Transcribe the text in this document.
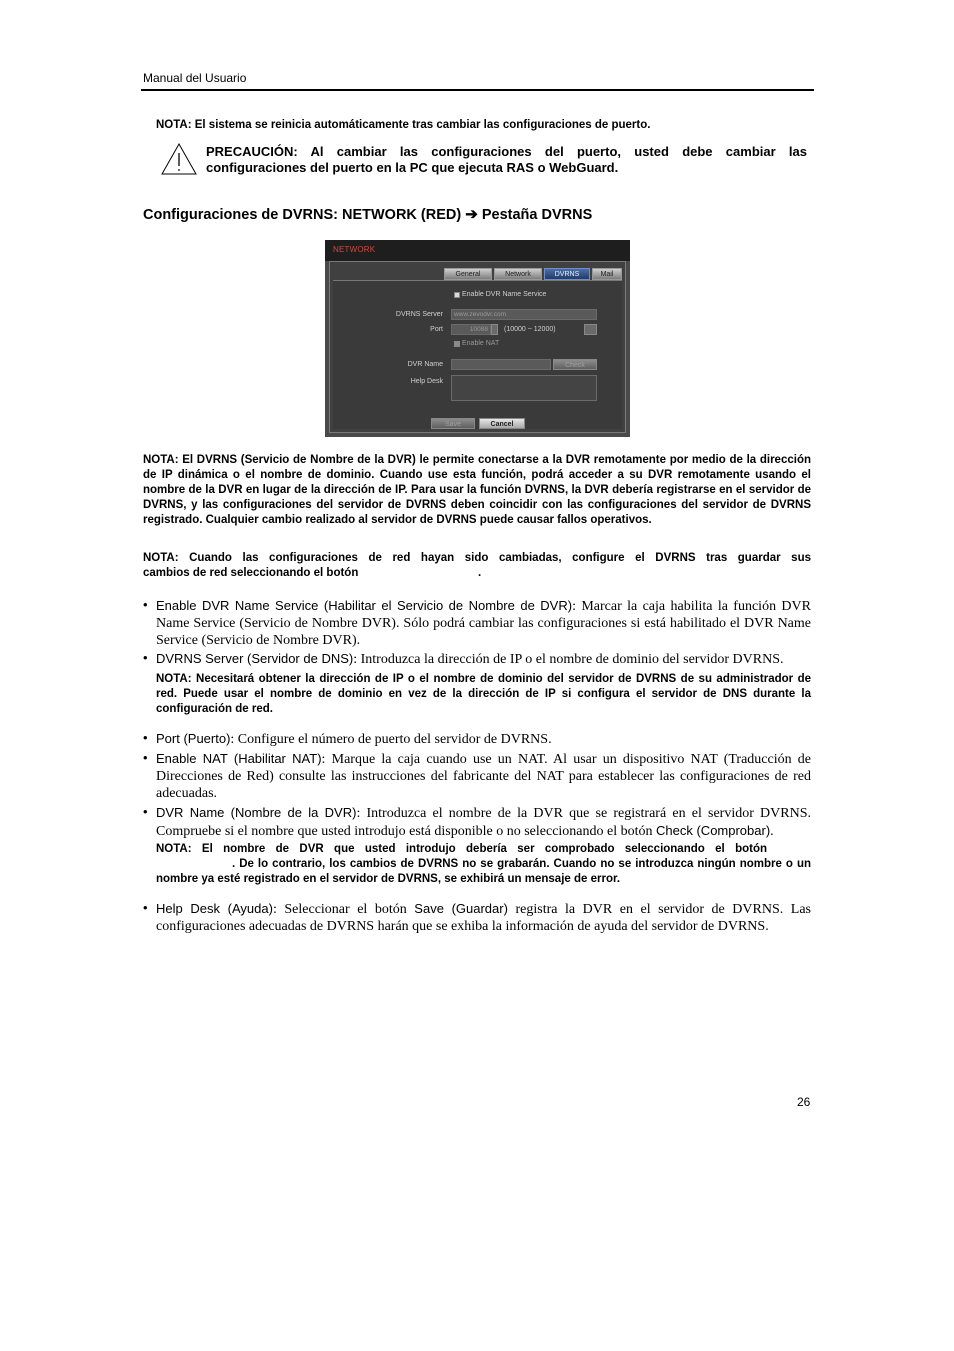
Manual del Usuario
NOTA: El sistema se reinicia automáticamente tras cambiar las configuraciones de puerto.
PRECAUCIÓN: Al cambiar las configuraciones del puerto, usted debe cambiar las configuraciones del puerto en la PC que ejecuta RAS o WebGuard.
Configuraciones de DVRNS: NETWORK (RED) ➔ Pestaña DVRNS
NETWORK
General	Network	DVRNS	Mail
Enable DVR Name Service
DVRNS Server	www.zevodvr.com
Port	10088	(10000 ~ 12000)
Enable NAT
DVR Name	Check
Help Desk
Save	Cancel
NOTA: El DVRNS (Servicio de Nombre de la DVR) le permite conectarse a la DVR remotamente por medio de la dirección de IP dinámica o el nombre de dominio. Cuando use esta función, podrá acceder a su DVR remotamente usando el nombre de la DVR en lugar de la dirección de IP. Para usar la función DVRNS, la DVR debería registrarse en el servidor de DVRNS, y las configuraciones del servidor de DVRNS deben coincidir con las configuraciones del servidor de DVRNS registrado. Cualquier cambio realizado al servidor de DVRNS puede causar fallos operativos.
NOTA: Cuando las configuraciones de red hayan sido cambiadas, configure el DVRNS tras guardar sus
cambios de red seleccionando el botón	.
• Enable DVR Name Service (Habilitar el Servicio de Nombre de DVR): Marcar la caja habilita la función DVR Name Service (Servicio de Nombre DVR). Sólo podrá cambiar las configuraciones si está habilitado el DVR Name Service (Servicio de Nombre DVR).
• DVRNS Server (Servidor de DNS): Introduzca la dirección de IP o el nombre de dominio del servidor DVRNS.
NOTA: Necesitará obtener la dirección de IP o el nombre de dominio del servidor de DVRNS de su administrador de red. Puede usar el nombre de dominio en vez de la dirección de IP si configura el servidor de DNS durante la configuración de red.
• Port (Puerto): Configure el número de puerto del servidor de DVRNS.
• Enable NAT (Habilitar NAT): Marque la caja cuando use un NAT. Al usar un dispositivo NAT (Traducción de Direcciones de Red) consulte las instrucciones del fabricante del NAT para establecer las configuraciones de red adecuadas.
• DVR Name (Nombre de la DVR): Introduzca el nombre de la DVR que se registrará en el servidor DVRNS. Compruebe si el nombre que usted introdujo está disponible o no seleccionando el botón Check (Comprobar).
NOTA: El nombre de DVR que usted introdujo debería ser comprobado seleccionando el botón
. De lo contrario, los cambios de DVRNS no se grabarán. Cuando no se introduzca ningún nombre o un nombre ya esté registrado en el servidor de DVRNS, se exhibirá un mensaje de error.
• Help Desk (Ayuda): Seleccionar el botón Save (Guardar) registra la DVR en el servidor de DVRNS. Las configuraciones adecuadas de DVRNS harán que se exhiba la información de ayuda del servidor de DVRNS.
26
